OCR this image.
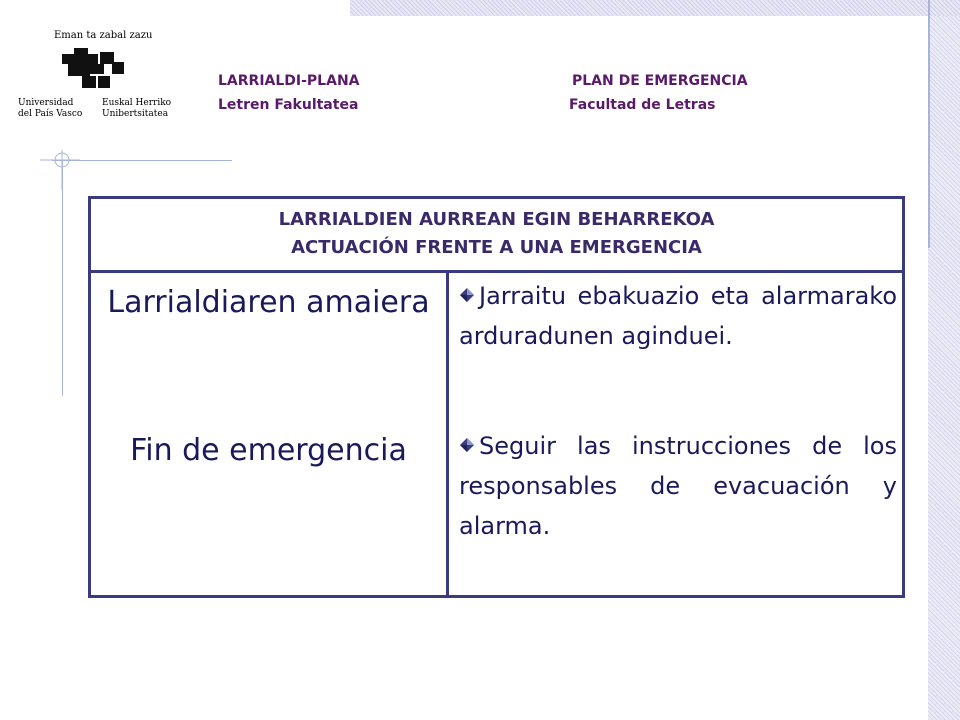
Eman ta zabal zazu
Universidad
del País Vasco
Euskal Herriko
Unibertsitatea
LARRIALDI-PLANA
Letren Fakultatea
PLAN DE EMERGENCIA
Facultad de Letras
LARRIALDIEN AURREAN EGIN BEHARREKOA
ACTUACIÓN FRENTE A UNA EMERGENCIA
Larrialdiaren amaiera
Fin de emergencia
Jarraitu ebakuazio eta alarmarako arduradunen aginduei.
Seguir las instrucciones de los responsables de evacuación y alarma.
